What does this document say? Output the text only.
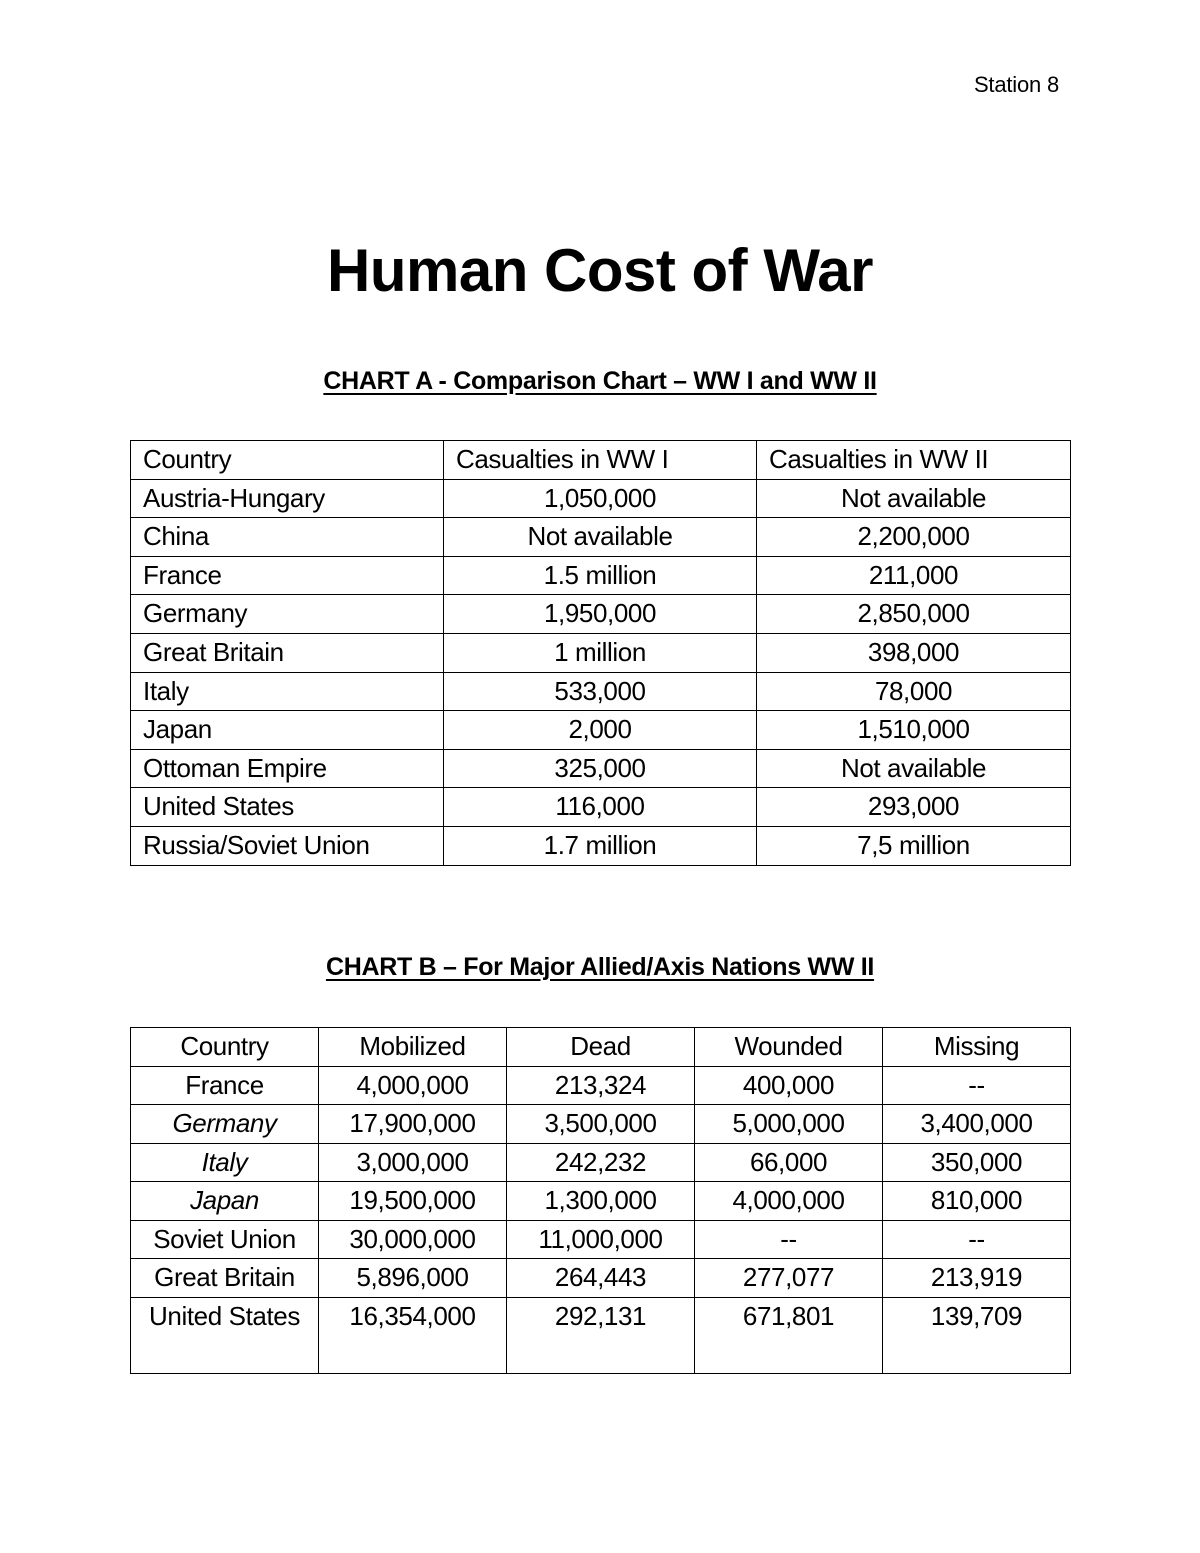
Station 8
Human Cost of War
CHART A - Comparison Chart – WW I and WW II
Country	Casualties in WW I	Casualties in WW II
Austria-Hungary	1,050,000	Not available
China	Not available	2,200,000
France	1.5 million	211,000
Germany	1,950,000	2,850,000
Great Britain	1 million	398,000
Italy	533,000	78,000
Japan	2,000	1,510,000
Ottoman Empire	325,000	Not available
United States	116,000	293,000
Russia/Soviet Union	1.7 million	7,5 million
CHART B – For Major Allied/Axis Nations WW II
Country	Mobilized	Dead	Wounded	Missing
France	4,000,000	213,324	400,000	--
Germany	17,900,000	3,500,000	5,000,000	3,400,000
Italy	3,000,000	242,232	66,000	350,000
Japan	19,500,000	1,300,000	4,000,000	810,000
Soviet Union	30,000,000	11,000,000	--	--
Great Britain	5,896,000	264,443	277,077	213,919
United States	16,354,000	292,131	671,801	139,709
